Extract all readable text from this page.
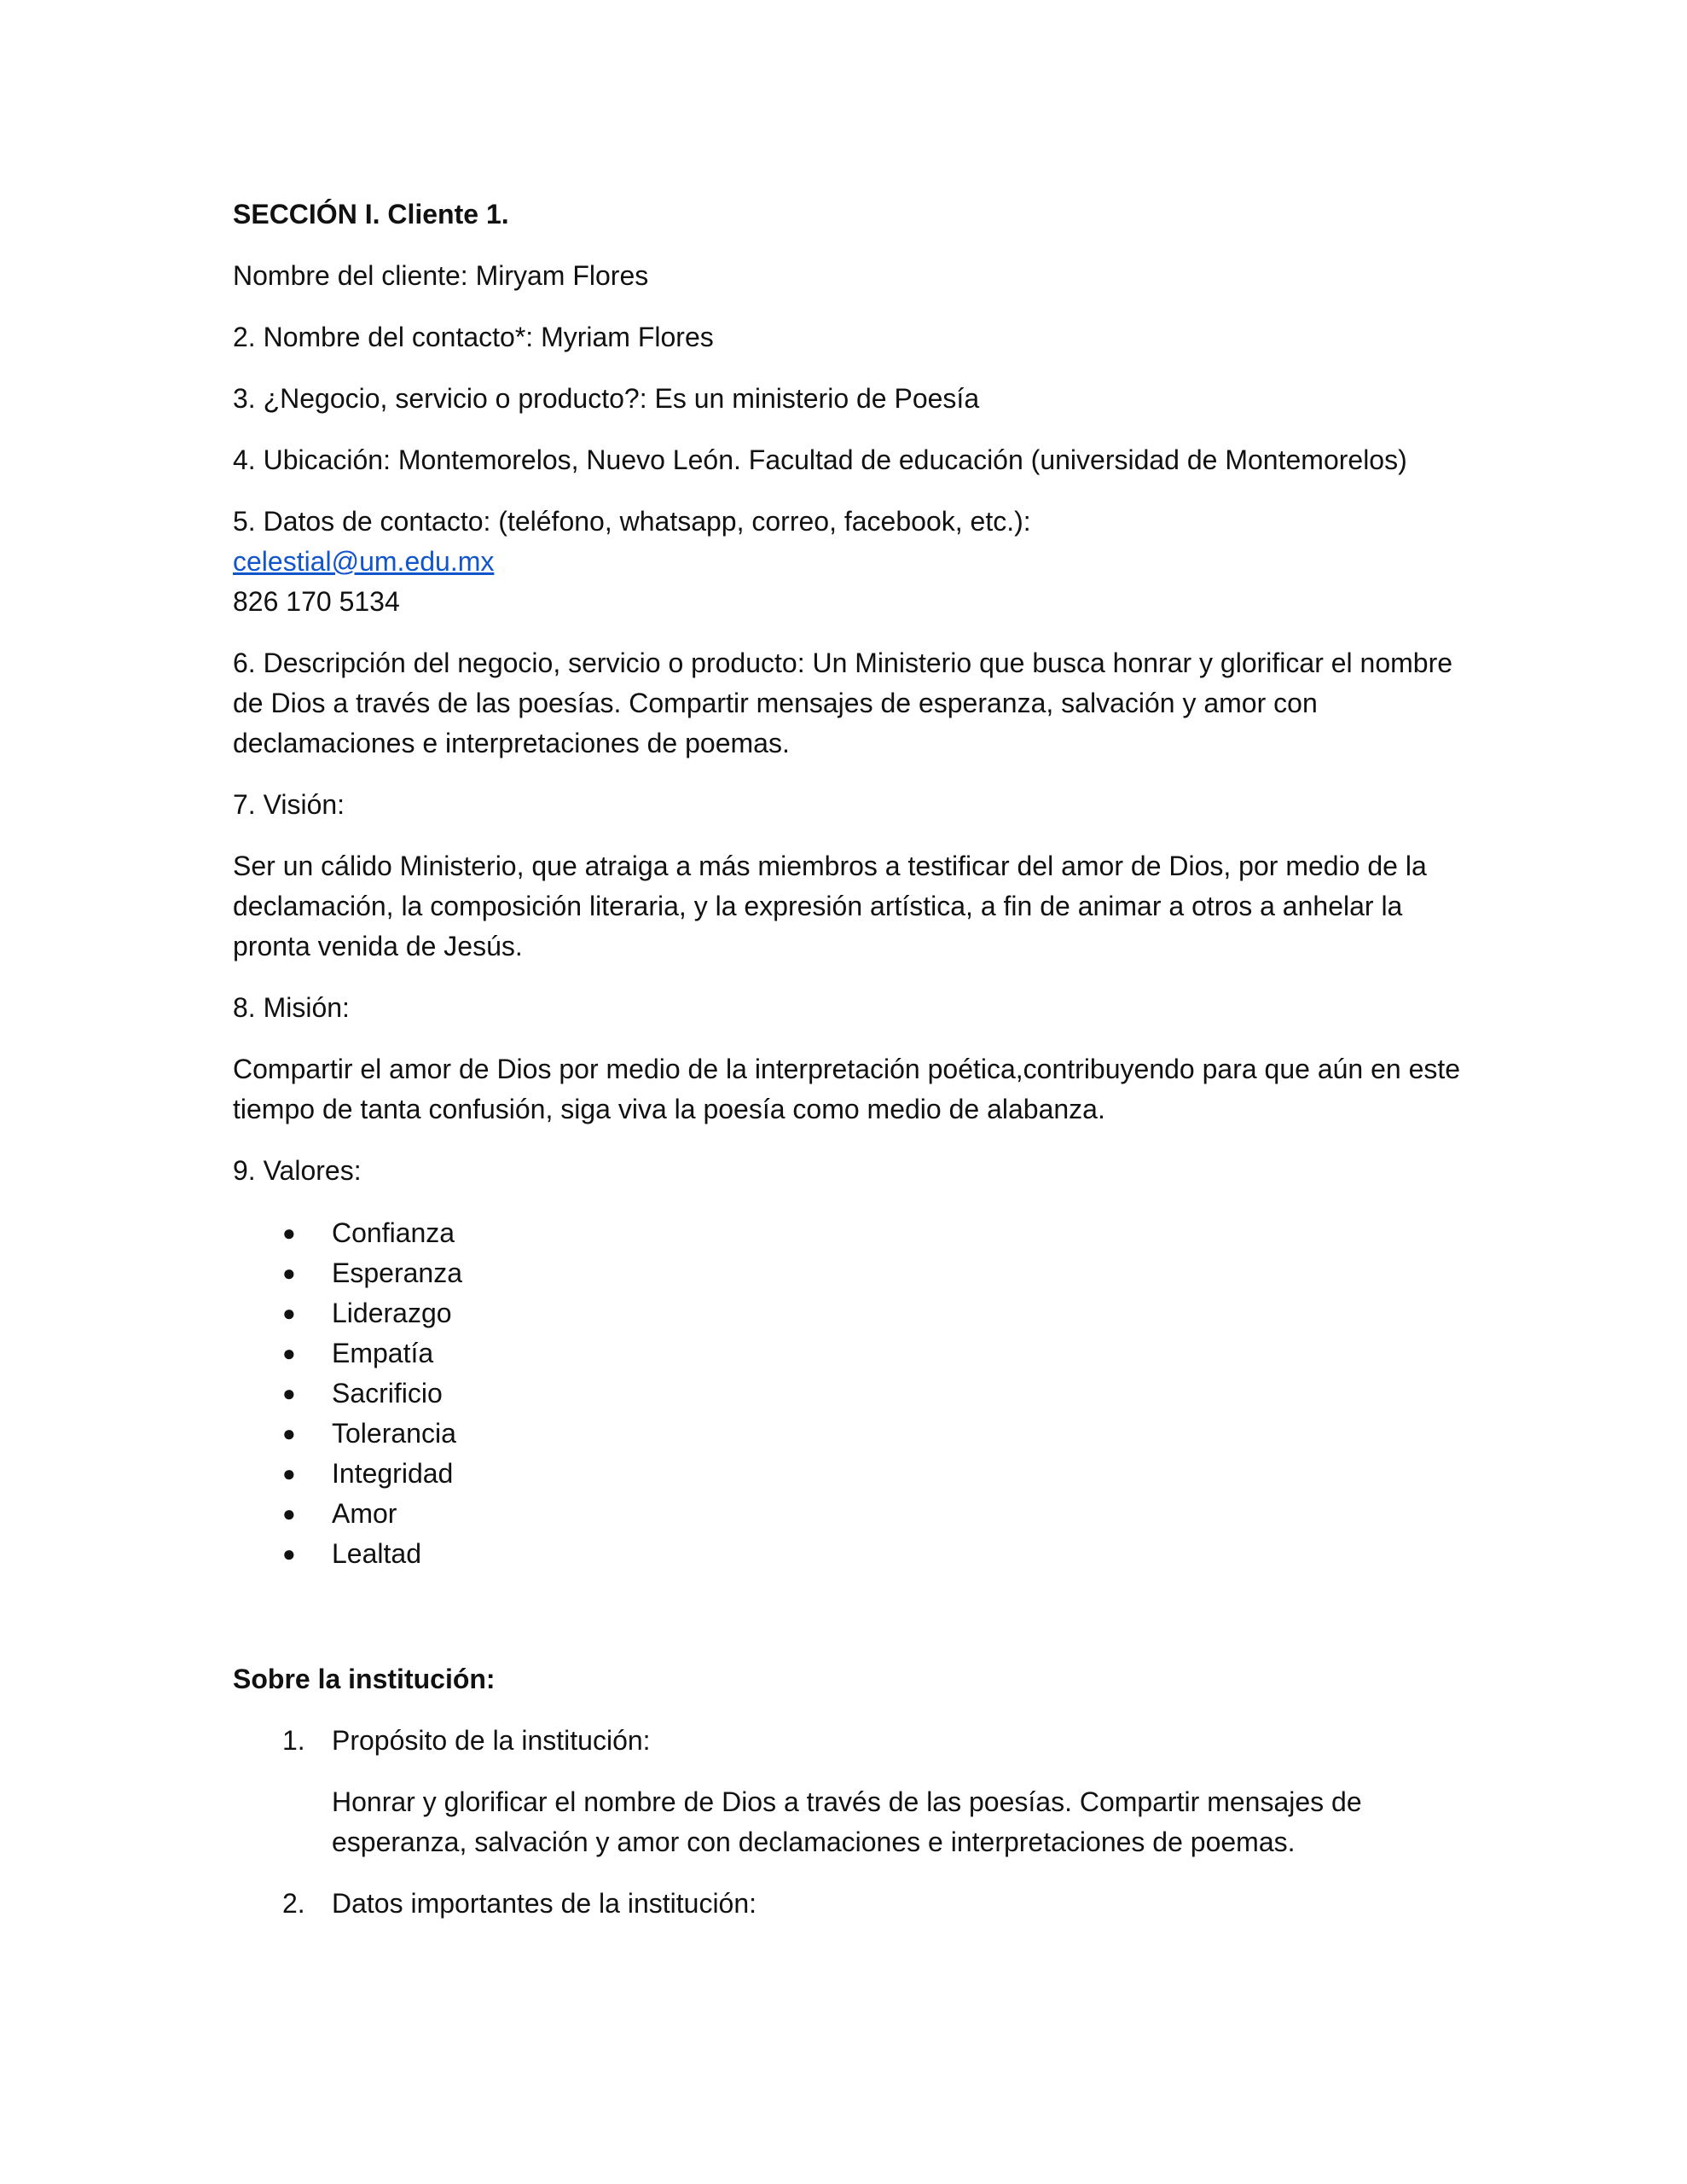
SECCIÓN I. Cliente 1.

Nombre del cliente: Miryam Flores

2. Nombre del contacto*: Myriam Flores

3. ¿Negocio, servicio o producto?: Es un ministerio de Poesía

4. Ubicación: Montemorelos, Nuevo León. Facultad de educación (universidad de Montemorelos)

5. Datos de contacto: (teléfono, whatsapp, correo, facebook, etc.):
celestial@um.edu.mx
826 170 5134

6. Descripción del negocio, servicio o producto: Un Ministerio que busca honrar y glorificar el nombre de Dios a través de las poesías. Compartir mensajes de esperanza, salvación y amor con declamaciones e interpretaciones de poemas.

7. Visión:

Ser un cálido Ministerio, que atraiga a más miembros a testificar del amor de Dios, por medio de la declamación, la composición literaria, y la expresión artística, a fin de animar a otros a anhelar la pronta venida de Jesús.

8. Misión:

Compartir el amor de Dios por medio de la interpretación poética,contribuyendo para que aún en este tiempo de tanta confusión, siga viva la poesía como medio de alabanza.

9. Valores:

● Confianza
● Esperanza
● Liderazgo
● Empatía
● Sacrificio
● Tolerancia
● Integridad
● Amor
● Lealtad

Sobre la institución:

1. Propósito de la institución:

Honrar y glorificar el nombre de Dios a través de las poesías. Compartir mensajes de esperanza, salvación y amor con declamaciones e interpretaciones de poemas.

2. Datos importantes de la institución:
